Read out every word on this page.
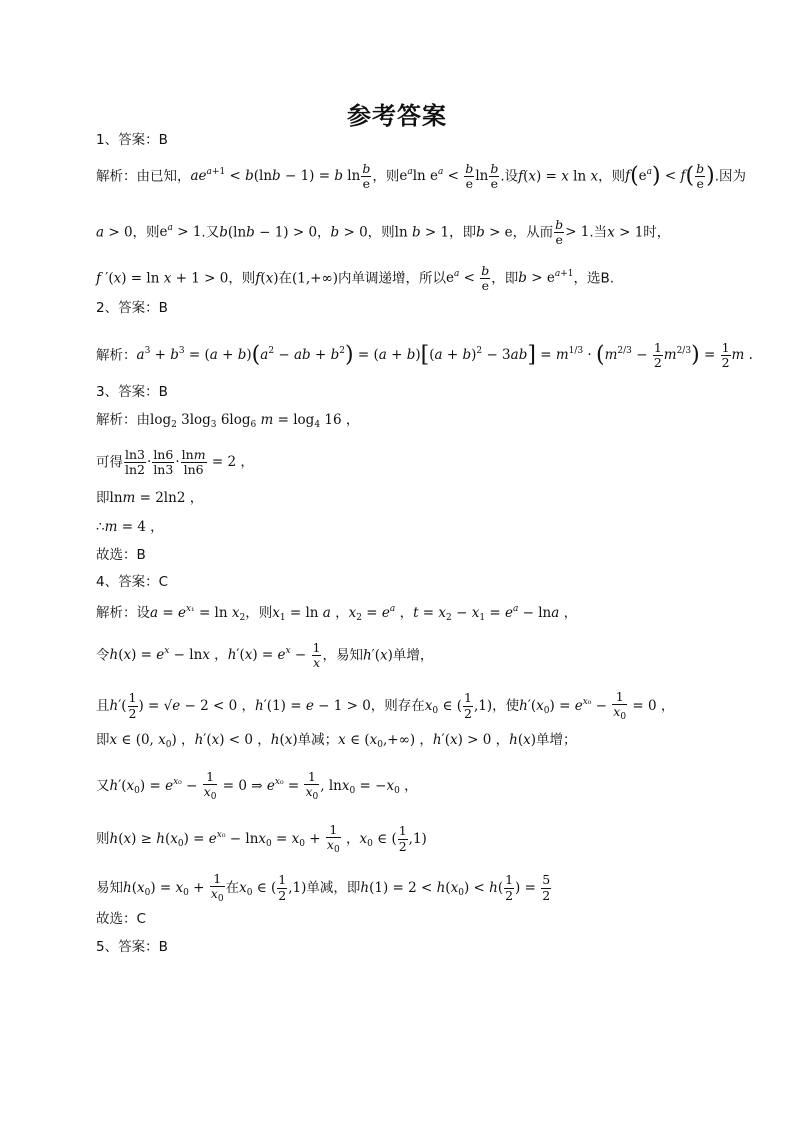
参考答案
1、答案：B
解析：由已知，$ae^{a+1} < b(\ln b - 1) = b$ $\ln \frac{b}{e}$ ，则$e^a\ln$ $e^a < \frac{b}{e}$ $\ln \frac{b}{e}$ .设f(x) = x ln x，则$f(e^a) < f( \frac{b}{e}$ ).因为
a > 0，则$e^a > 1$.又b(lnb − 1) > 0，b > 0，则ln b > 1，即b > e，从而 $\frac{b}{e} > 1$.当x > 1时，
f ′(x) = ln x + 1 > 0，则f(x)在(1,+∞)内单调递增，所以$e^a < \frac{b}{e}$ ，即$b > e^{a+1}$，选B.
2、答案：B
解析：$a^3 + b^3 = (a + b)(a^2$ − ab + $b^2) = (a + b)[(a + b)^2 - 3ab] = m^{1/3} \cdot (m^{2/3} - \frac{1}{2} m^{2/3}) = \frac{1}{2}$ m .
3、答案：B
解析：由$\log_2 3\log_3$ $6\log_6$ $m = \log_4 16$ ，
可得 $\frac{\ln 3}{\ln 2} \cdot \frac{\ln 6}{\ln 3} \cdot \frac{\ln m}{\ln 6} = 2$ ，
即lnm = 2ln2 ，
∴m = 4 ，
故选：B
4、答案：C
解析：设$a = e^{x_1} = \ln x_2$，则$x_1 = \ln a$ ，$x_2 = e^a$ ，$t = x_2 - x_1 = e^a - \ln a$ ，
令$h(x) = e^x - \ln x$ ，$h'(x) = e^x - \frac{1}{x}$ ，易知h′(x)单增，
且$h'( \frac{1}{2}$ ) = √e − 2 < 0 ，h′(1) = e − 1 > 0，则存在$x_0$ ∈ ( $\frac{1}{2} ,1$)，使$h'(x_0) = e^{x_0} - \frac{1}{x_0} = 0$ ，
即x ∈ (0, $x_0$) ，h′(x) < 0 ，h(x)单减；x ∈ $(x_0,+\infty)$ ，h′(x) > 0 ，h(x)单增；
又$h'(x_0) = e^{x_0} - \frac{1}{x_0} = 0$ ⇒ $e^{x_0} = \frac{1}{x_0}$ , $\ln x_0 = -x_0$ ，
则$h(x) \ge h(x_0) = e^{x_0} - \ln x_0 = x_0 + \frac{1}{x_0}$ ，$x_0$ ∈ ( $\frac{1}{2} ,1$)
易知$h(x_0) = x_0 + \frac{1}{x_0}$ 在$x_0$ ∈ ( $\frac{1}{2} ,1$)单减，即$h(1) = 2 < h(x_0) < h( \frac{1}{2}$ ) = $\frac{5}{2}$
故选：C
5、答案：B
